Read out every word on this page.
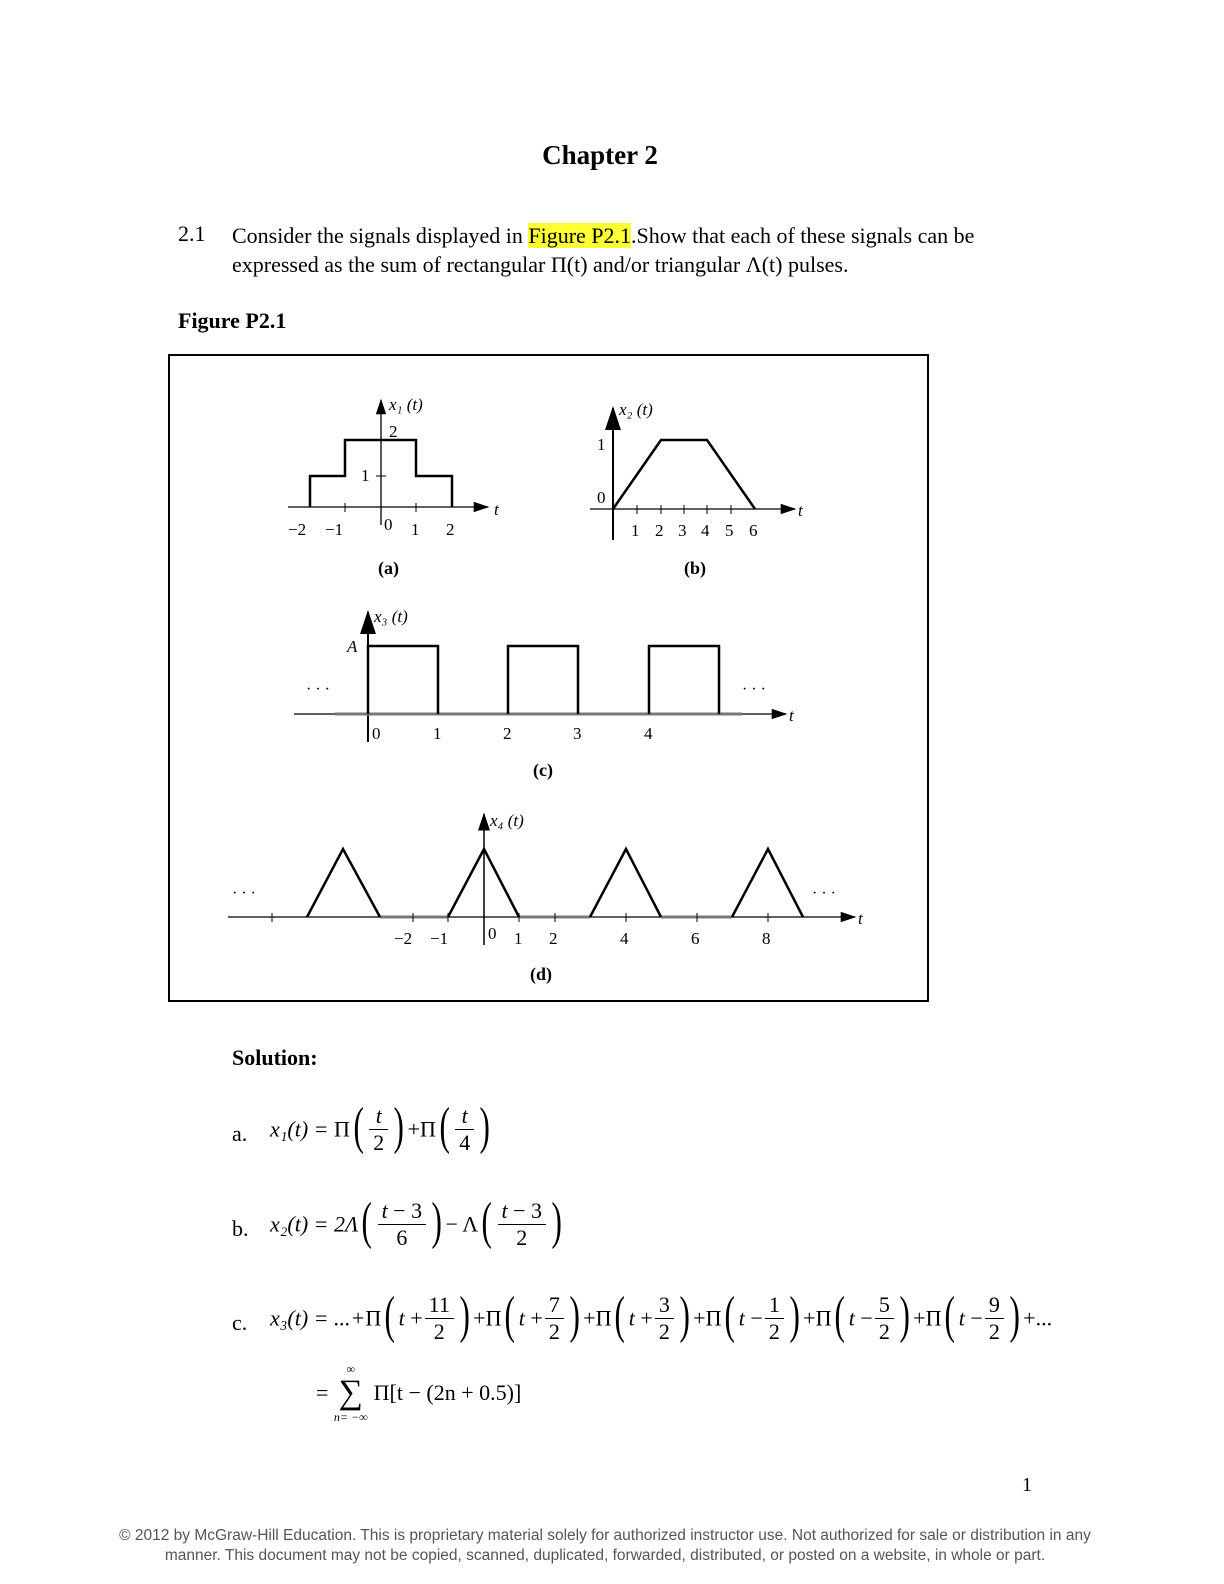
Chapter 2
2.1 Consider the signals displayed in Figure P2.1.Show that each of these signals can be expressed as the sum of rectangular Π(t) and/or triangular Λ(t) pulses.
Figure P2.1
x₁ (t)
2
1
−2 −1 0 1 2
t
(a)
x₂ (t)
1
0
1 2 3 4 5 6
t
(b)
x₃ (t)
A
· · ·	· · ·
0	1	2	3	4
t
(c)
x₄ (t)
· · ·	· · ·
−2 −1 0 1 2	4	6	8
t
(d)
Solution:
a. $x_1(t) = \Pi( \frac{t}{2}$ ) $+\Pi( \frac{t}{4}$ )
b. $x_2(t) = 2\Lambda( \frac{t - 3}{6}$ ) − $\Lambda( \frac{t - 3}{2}$ )
c. x₃(t) = ...+Π( $t + \frac{11}{2}$ ) +Π( $t + \frac{7}{2}$ ) +Π( $t + \frac{3}{2}$ ) +Π( $t - \frac{1}{2}$ ) +Π( $t - \frac{5}{2}$ ) +Π( $t - \frac{9}{2}$ ) +...
=
∞
∑
n= −∞
Π[t − (2n + 0.5)]
1
© 2012 by McGraw-Hill Education. This is proprietary material solely for authorized instructor use. Not authorized for sale or distribution in any manner. This document may not be copied, scanned, duplicated, forwarded, distributed, or posted on a website, in whole or part.
